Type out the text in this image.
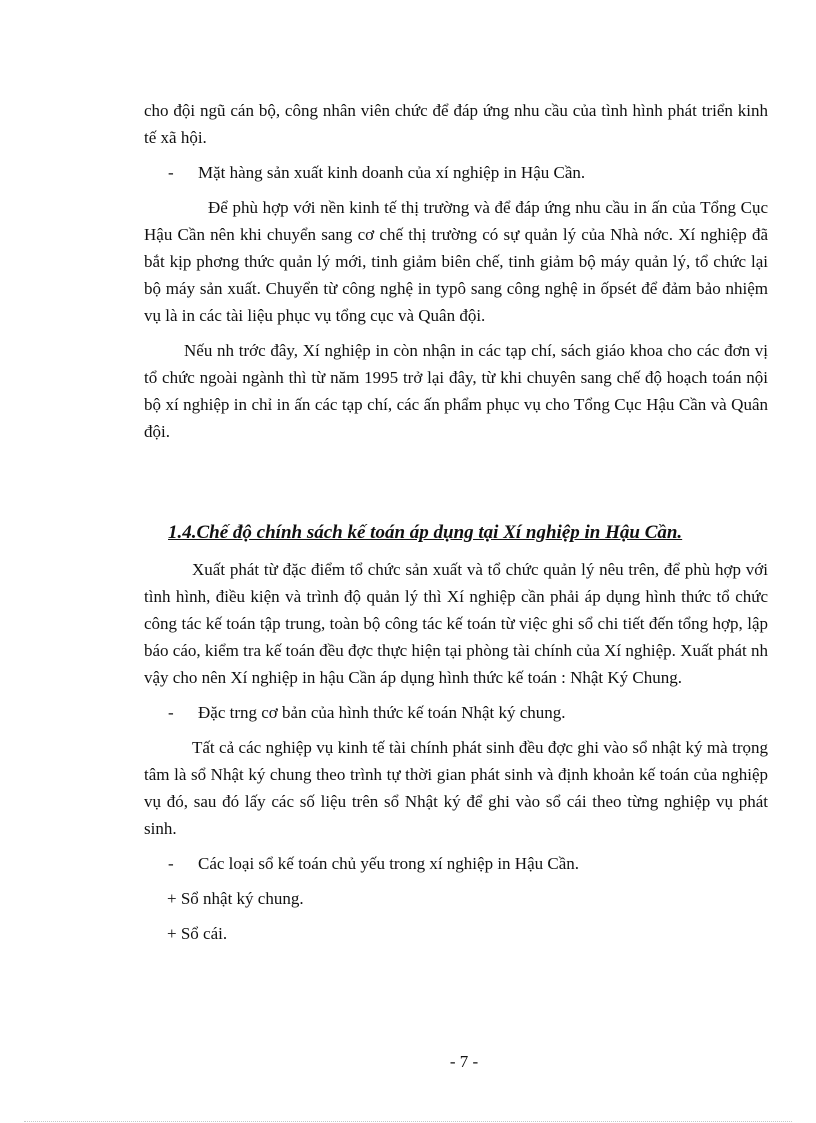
cho đội ngũ cán bộ, công nhân viên chức để đáp ứng nhu cầu của tình hình phát triển kinh tế xã hội.

-	Mặt hàng sản xuất kinh doanh của xí nghiệp in Hậu Cần.

Để phù hợp với nền kinh tế thị trường và để đáp ứng nhu cầu in ấn của Tổng Cục Hậu Cần nên khi chuyển sang cơ chế thị trường có sự quản lý của Nhà nớc. Xí nghiệp đã bắt kịp phơng thức quản lý mới, tinh giảm biên chế, tinh giảm bộ máy quản lý, tổ chức lại bộ máy sản xuất. Chuyển từ công nghệ in typô sang công nghệ in ốpsét để đảm bảo nhiệm vụ là in các tài liệu phục vụ tổng cục và Quân đội.

Nếu nh trớc đây, Xí nghiệp in còn nhận in các tạp chí, sách giáo khoa cho các đơn vị tổ chức ngoài ngành thì từ năm 1995 trở lại đây, từ khi chuyên sang chế độ hoạch toán nội bộ xí nghiệp in chỉ in ấn các tạp chí, các ấn phẩm phục vụ cho Tổng Cục Hậu Cần và Quân đội.

1.4.Chế độ chính sách kế toán áp dụng tại Xí nghiệp in Hậu Cần.

Xuất phát từ đặc điểm tổ chức sản xuất và tổ chức quản lý nêu trên, để phù hợp với tình hình, điều kiện và trình độ quản lý thì Xí nghiệp cần phải áp dụng hình thức tổ chức công tác kế toán tập trung, toàn bộ công tác kế toán từ việc ghi sổ chi tiết đến tổng hợp, lập báo cáo, kiểm tra kế toán đều đợc thực hiện tại phòng tài chính của Xí nghiệp. Xuất phát nh vậy cho nên Xí nghiệp in hậu Cần áp dụng hình thức kế toán : Nhật Ký Chung.

-	Đặc trng cơ bản của hình thức kế toán Nhật ký chung.

Tất cả các nghiệp vụ kinh tế tài chính phát sinh đều đợc ghi vào sổ nhật ký mà trọng tâm là sổ Nhật ký chung theo trình tự thời gian phát sinh và định khoản kế toán của nghiệp vụ đó, sau đó lấy các số liệu trên sổ Nhật ký để ghi vào sổ cái theo từng nghiệp vụ phát sinh.

-	Các loại sổ kế toán chủ yếu trong xí nghiệp in Hậu Cần.

+ Sổ nhật ký chung.

+ Sổ cái.

- 7 -
